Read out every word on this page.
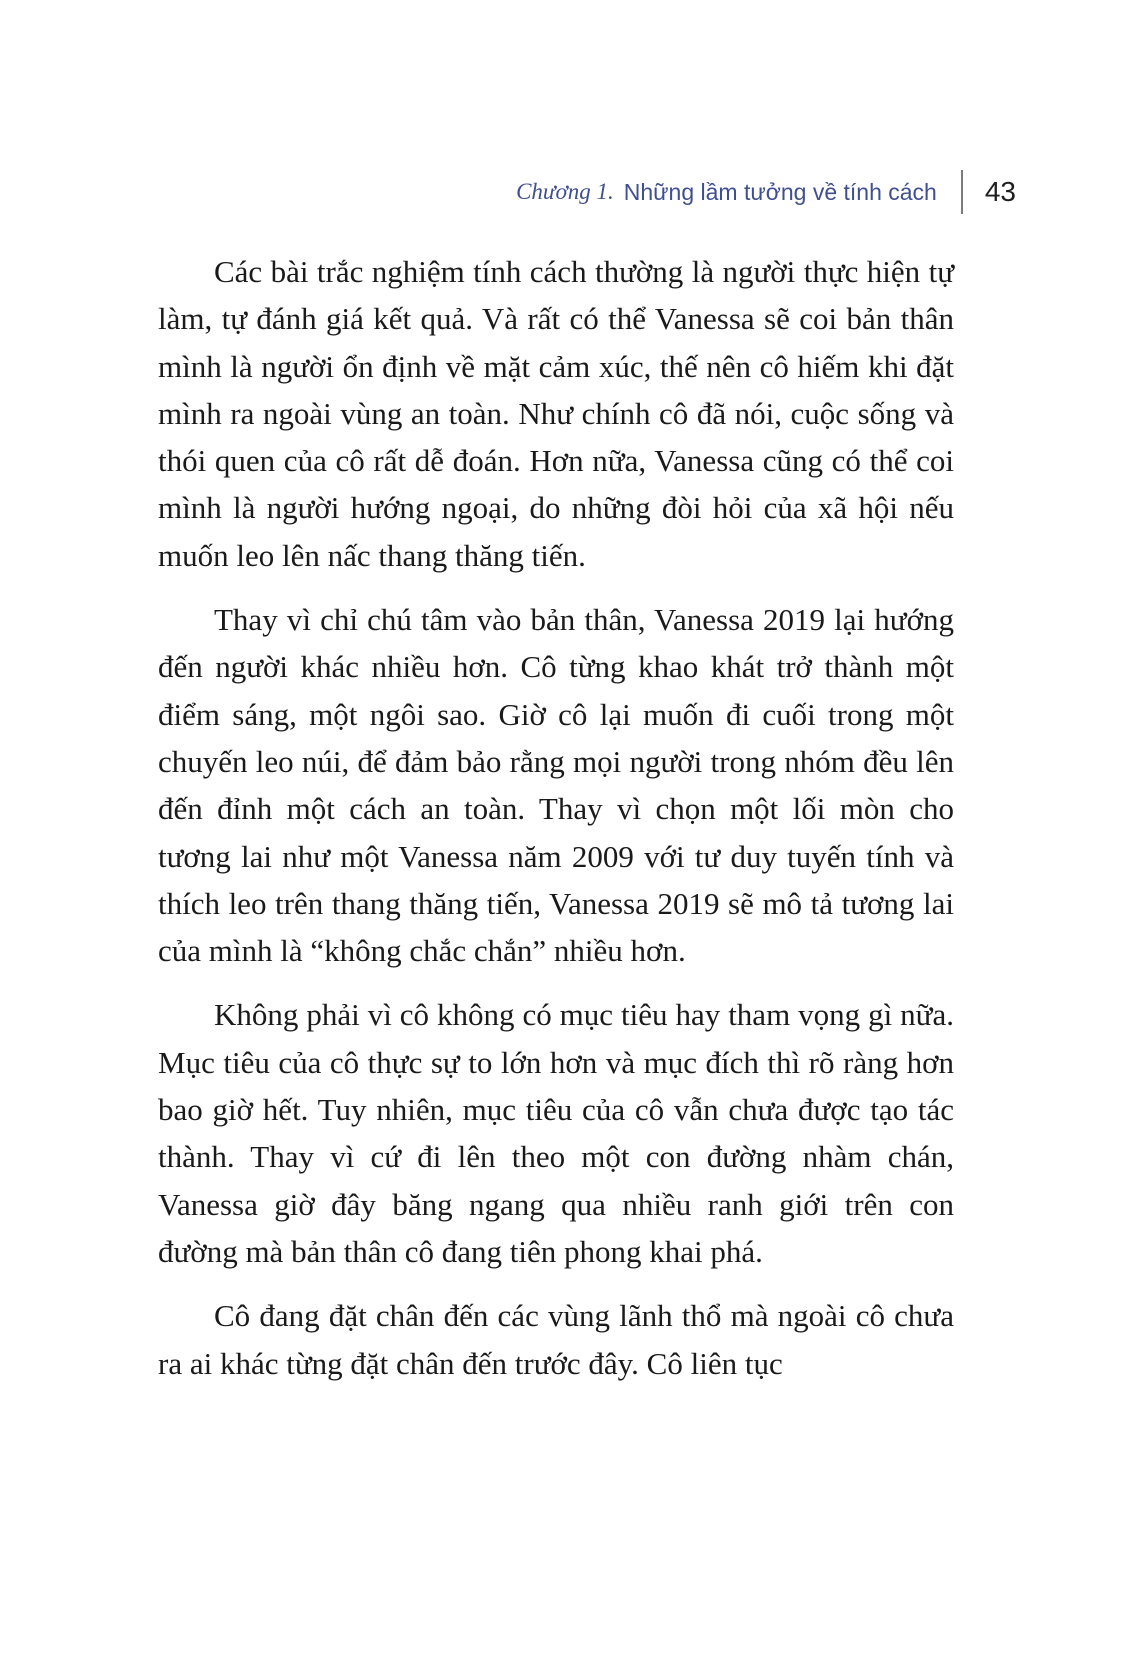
Chương 1. Những lầm tưởng về tính cách 43

Các bài trắc nghiệm tính cách thường là người thực hiện tự làm, tự đánh giá kết quả. Và rất có thể Vanessa sẽ coi bản thân mình là người ổn định về mặt cảm xúc, thế nên cô hiếm khi đặt mình ra ngoài vùng an toàn. Như chính cô đã nói, cuộc sống và thói quen của cô rất dễ đoán. Hơn nữa, Vanessa cũng có thể coi mình là người hướng ngoại, do những đòi hỏi của xã hội nếu muốn leo lên nấc thang thăng tiến.

Thay vì chỉ chú tâm vào bản thân, Vanessa 2019 lại hướng đến người khác nhiều hơn. Cô từng khao khát trở thành một điểm sáng, một ngôi sao. Giờ cô lại muốn đi cuối trong một chuyến leo núi, để đảm bảo rằng mọi người trong nhóm đều lên đến đỉnh một cách an toàn. Thay vì chọn một lối mòn cho tương lai như một Vanessa năm 2009 với tư duy tuyến tính và thích leo trên thang thăng tiến, Vanessa 2019 sẽ mô tả tương lai của mình là “không chắc chắn” nhiều hơn.

Không phải vì cô không có mục tiêu hay tham vọng gì nữa. Mục tiêu của cô thực sự to lớn hơn và mục đích thì rõ ràng hơn bao giờ hết. Tuy nhiên, mục tiêu của cô vẫn chưa được tạo tác thành. Thay vì cứ đi lên theo một con đường nhàm chán, Vanessa giờ đây băng ngang qua nhiều ranh giới trên con đường mà bản thân cô đang tiên phong khai phá.

Cô đang đặt chân đến các vùng lãnh thổ mà ngoài cô chưa ra ai khác từng đặt chân đến trước đây. Cô liên tục
